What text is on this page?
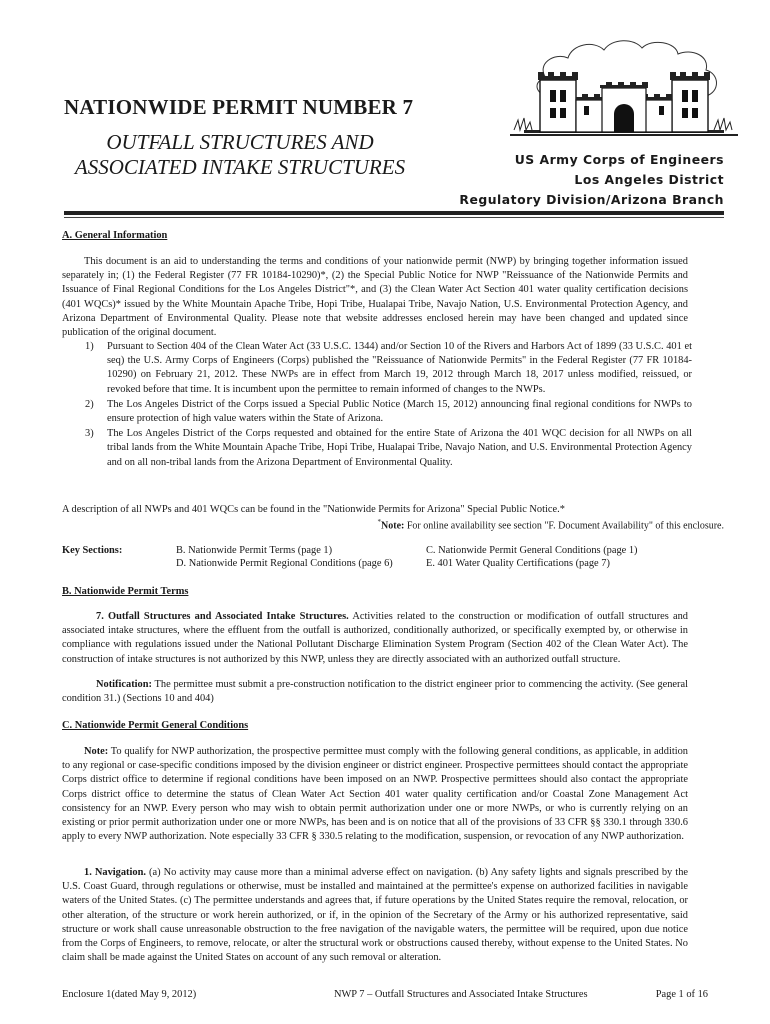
NATIONWIDE PERMIT NUMBER 7
OUTFALL STRUCTURES AND
ASSOCIATED INTAKE STRUCTURES	US Army Corps of Engineers
Los Angeles District
Regulatory Division/Arizona Branch
A. General Information
This document is an aid to understanding the terms and conditions of your nationwide permit (NWP) by bringing together information issued separately in; (1) the Federal Register (77 FR 10184-10290)*, (2) the Special Public Notice for NWP "Reissuance of the Nationwide Permits and Issuance of Final Regional Conditions for the Los Angeles District"*, and (3) the Clean Water Act Section 401 water quality certification decisions (401 WQCs)* issued by the White Mountain Apache Tribe, Hopi Tribe, Hualapai Tribe, Navajo Nation, U.S. Environmental Protection Agency, and Arizona Department of Environmental Quality. Please note that website addresses enclosed herein may have been changed and updated since publication of the original document.
1) Pursuant to Section 404 of the Clean Water Act (33 U.S.C. 1344) and/or Section 10 of the Rivers and Harbors Act of 1899 (33 U.S.C. 401 et seq) the U.S. Army Corps of Engineers (Corps) published the "Reissuance of Nationwide Permits" in the Federal Register (77 FR 10184-10290) on February 21, 2012. These NWPs are in effect from March 19, 2012 through March 18, 2017 unless modified, reissued, or revoked before that time. It is incumbent upon the permittee to remain informed of changes to the NWPs.
2) The Los Angeles District of the Corps issued a Special Public Notice (March 15, 2012) announcing final regional conditions for NWPs to ensure protection of high value waters within the State of Arizona.
3) The Los Angeles District of the Corps requested and obtained for the entire State of Arizona the 401 WQC decision for all NWPs on all tribal lands from the White Mountain Apache Tribe, Hopi Tribe, Hualapai Tribe, Navajo Nation, and U.S. Environmental Protection Agency and on all non-tribal lands from the Arizona Department of Environmental Quality.
A description of all NWPs and 401 WQCs can be found in the "Nationwide Permits for Arizona" Special Public Notice.*
*Note: For online availability see section "F. Document Availability" of this enclosure.
Key Sections:	B. Nationwide Permit Terms (page 1)	C. Nationwide Permit General Conditions (page 1)
D. Nationwide Permit Regional Conditions (page 6)	E. 401 Water Quality Certifications (page 7)
B. Nationwide Permit Terms
7. Outfall Structures and Associated Intake Structures. Activities related to the construction or modification of outfall structures and associated intake structures, where the effluent from the outfall is authorized, conditionally authorized, or specifically exempted by, or otherwise in compliance with regulations issued under the National Pollutant Discharge Elimination System Program (Section 402 of the Clean Water Act). The construction of intake structures is not authorized by this NWP, unless they are directly associated with an authorized outfall structure.
Notification: The permittee must submit a pre-construction notification to the district engineer prior to commencing the activity. (See general condition 31.) (Sections 10 and 404)
C. Nationwide Permit General Conditions
Note: To qualify for NWP authorization, the prospective permittee must comply with the following general conditions, as applicable, in addition to any regional or case-specific conditions imposed by the division engineer or district engineer. Prospective permittees should contact the appropriate Corps district office to determine if regional conditions have been imposed on an NWP. Prospective permittees should also contact the appropriate Corps district office to determine the status of Clean Water Act Section 401 water quality certification and/or Coastal Zone Management Act consistency for an NWP. Every person who may wish to obtain permit authorization under one or more NWPs, or who is currently relying on an existing or prior permit authorization under one or more NWPs, has been and is on notice that all of the provisions of 33 CFR §§ 330.1 through 330.6 apply to every NWP authorization. Note especially 33 CFR § 330.5 relating to the modification, suspension, or revocation of any NWP authorization.
1. Navigation. (a) No activity may cause more than a minimal adverse effect on navigation. (b) Any safety lights and signals prescribed by the U.S. Coast Guard, through regulations or otherwise, must be installed and maintained at the permittee's expense on authorized facilities in navigable waters of the United States. (c) The permittee understands and agrees that, if future operations by the United States require the removal, relocation, or other alteration, of the structure or work herein authorized, or if, in the opinion of the Secretary of the Army or his authorized representative, said structure or work shall cause unreasonable obstruction to the free navigation of the navigable waters, the permittee will be required, upon due notice from the Corps of Engineers, to remove, relocate, or alter the structural work or obstructions caused thereby, without expense to the United States. No claim shall be made against the United States on account of any such removal or alteration.
Enclosure 1(dated May 9, 2012)	NWP 7 – Outfall Structures and Associated Intake Structures	Page 1 of 16
